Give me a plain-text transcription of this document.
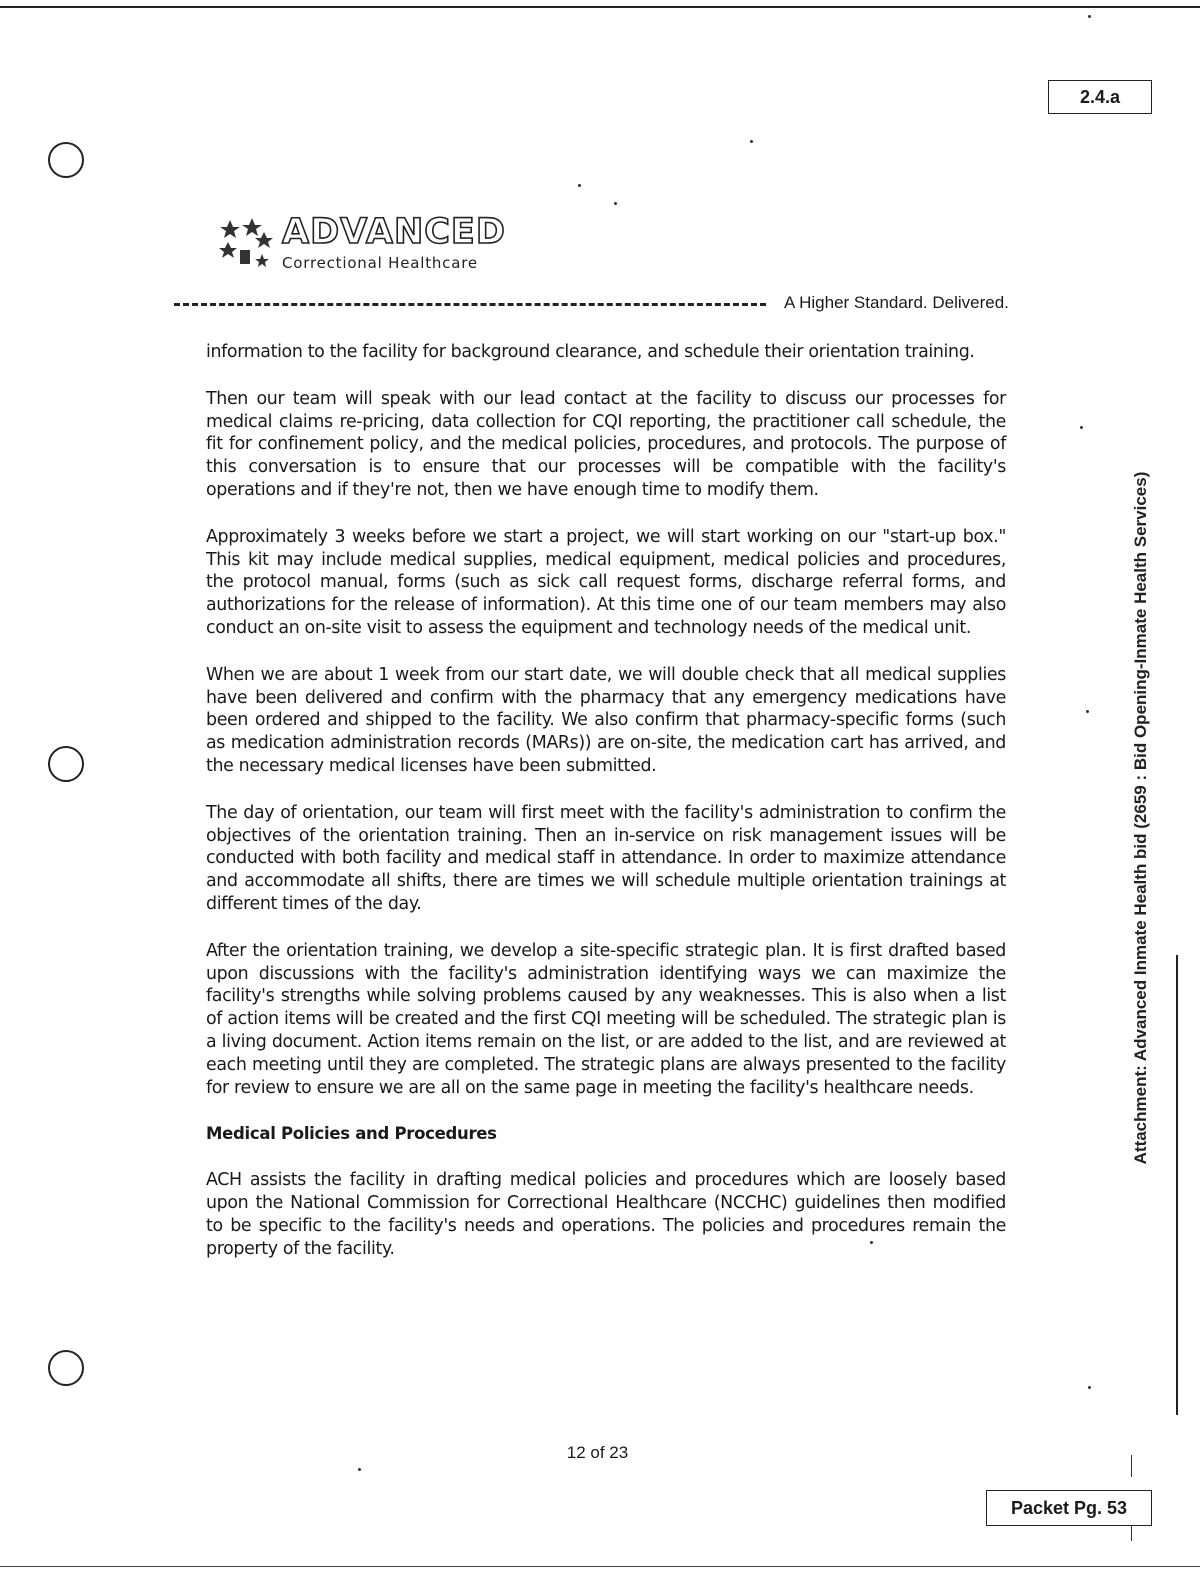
2.4.a
ADVANCED
Correctional Healthcare
A Higher Standard. Delivered.

information to the facility for background clearance, and schedule their orientation training.

Then our team will speak with our lead contact at the facility to discuss our processes for medical claims re-pricing, data collection for CQI reporting, the practitioner call schedule, the fit for confinement policy, and the medical policies, procedures, and protocols. The purpose of this conversation is to ensure that our processes will be compatible with the facility's operations and if they're not, then we have enough time to modify them.

Approximately 3 weeks before we start a project, we will start working on our "start-up box." This kit may include medical supplies, medical equipment, medical policies and procedures, the protocol manual, forms (such as sick call request forms, discharge referral forms, and authorizations for the release of information). At this time one of our team members may also conduct an on-site visit to assess the equipment and technology needs of the medical unit.

When we are about 1 week from our start date, we will double check that all medical supplies have been delivered and confirm with the pharmacy that any emergency medications have been ordered and shipped to the facility. We also confirm that pharmacy-specific forms (such as medication administration records (MARs)) are on-site, the medication cart has arrived, and the necessary medical licenses have been submitted.

The day of orientation, our team will first meet with the facility's administration to confirm the objectives of the orientation training. Then an in-service on risk management issues will be conducted with both facility and medical staff in attendance. In order to maximize attendance and accommodate all shifts, there are times we will schedule multiple orientation trainings at different times of the day.

After the orientation training, we develop a site-specific strategic plan. It is first drafted based upon discussions with the facility's administration identifying ways we can maximize the facility's strengths while solving problems caused by any weaknesses. This is also when a list of action items will be created and the first CQI meeting will be scheduled. The strategic plan is a living document. Action items remain on the list, or are added to the list, and are reviewed at each meeting until they are completed. The strategic plans are always presented to the facility for review to ensure we are all on the same page in meeting the facility's healthcare needs.

Medical Policies and Procedures

ACH assists the facility in drafting medical policies and procedures which are loosely based upon the National Commission for Correctional Healthcare (NCCHC) guidelines then modified to be specific to the facility's needs and operations. The policies and procedures remain the property of the facility.

12 of 23
Attachment: Advanced Inmate Health bid (2659 : Bid Opening-Inmate Health Services)
Packet Pg. 53
